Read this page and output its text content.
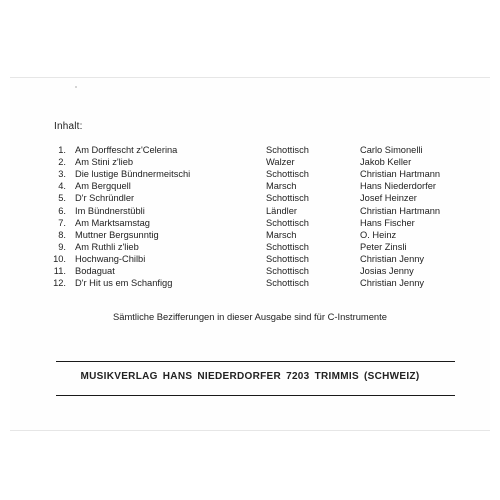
Inhalt:
1. Am Dorffescht z'Celerina	Schottisch	Carlo Simonelli
2. Am Stini z'lieb	Walzer	Jakob Keller
3. Die lustige Bündnermeitschi	Schottisch	Christian Hartmann
4. Am Bergquell	Marsch	Hans Niederdorfer
5. D'r Schründler	Schottisch	Josef Heinzer
6. Im Bündnerstübli	Ländler	Christian Hartmann
7. Am Marktsamstag	Schottisch	Hans Fischer
8. Muttner Bergsunntig	Marsch	O. Heinz
9. Am Ruthli z'lieb	Schottisch	Peter Zinsli
10. Hochwang-Chilbi	Schottisch	Christian Jenny
11. Bodaguat	Schottisch	Josias Jenny
12. D'r Hit us em Schanfigg	Schottisch	Christian Jenny
Sämtliche Bezifferungen in dieser Ausgabe sind für C-Instrumente
MUSIKVERLAG HANS NIEDERDORFER 7203 TRIMMIS (SCHWEIZ)
